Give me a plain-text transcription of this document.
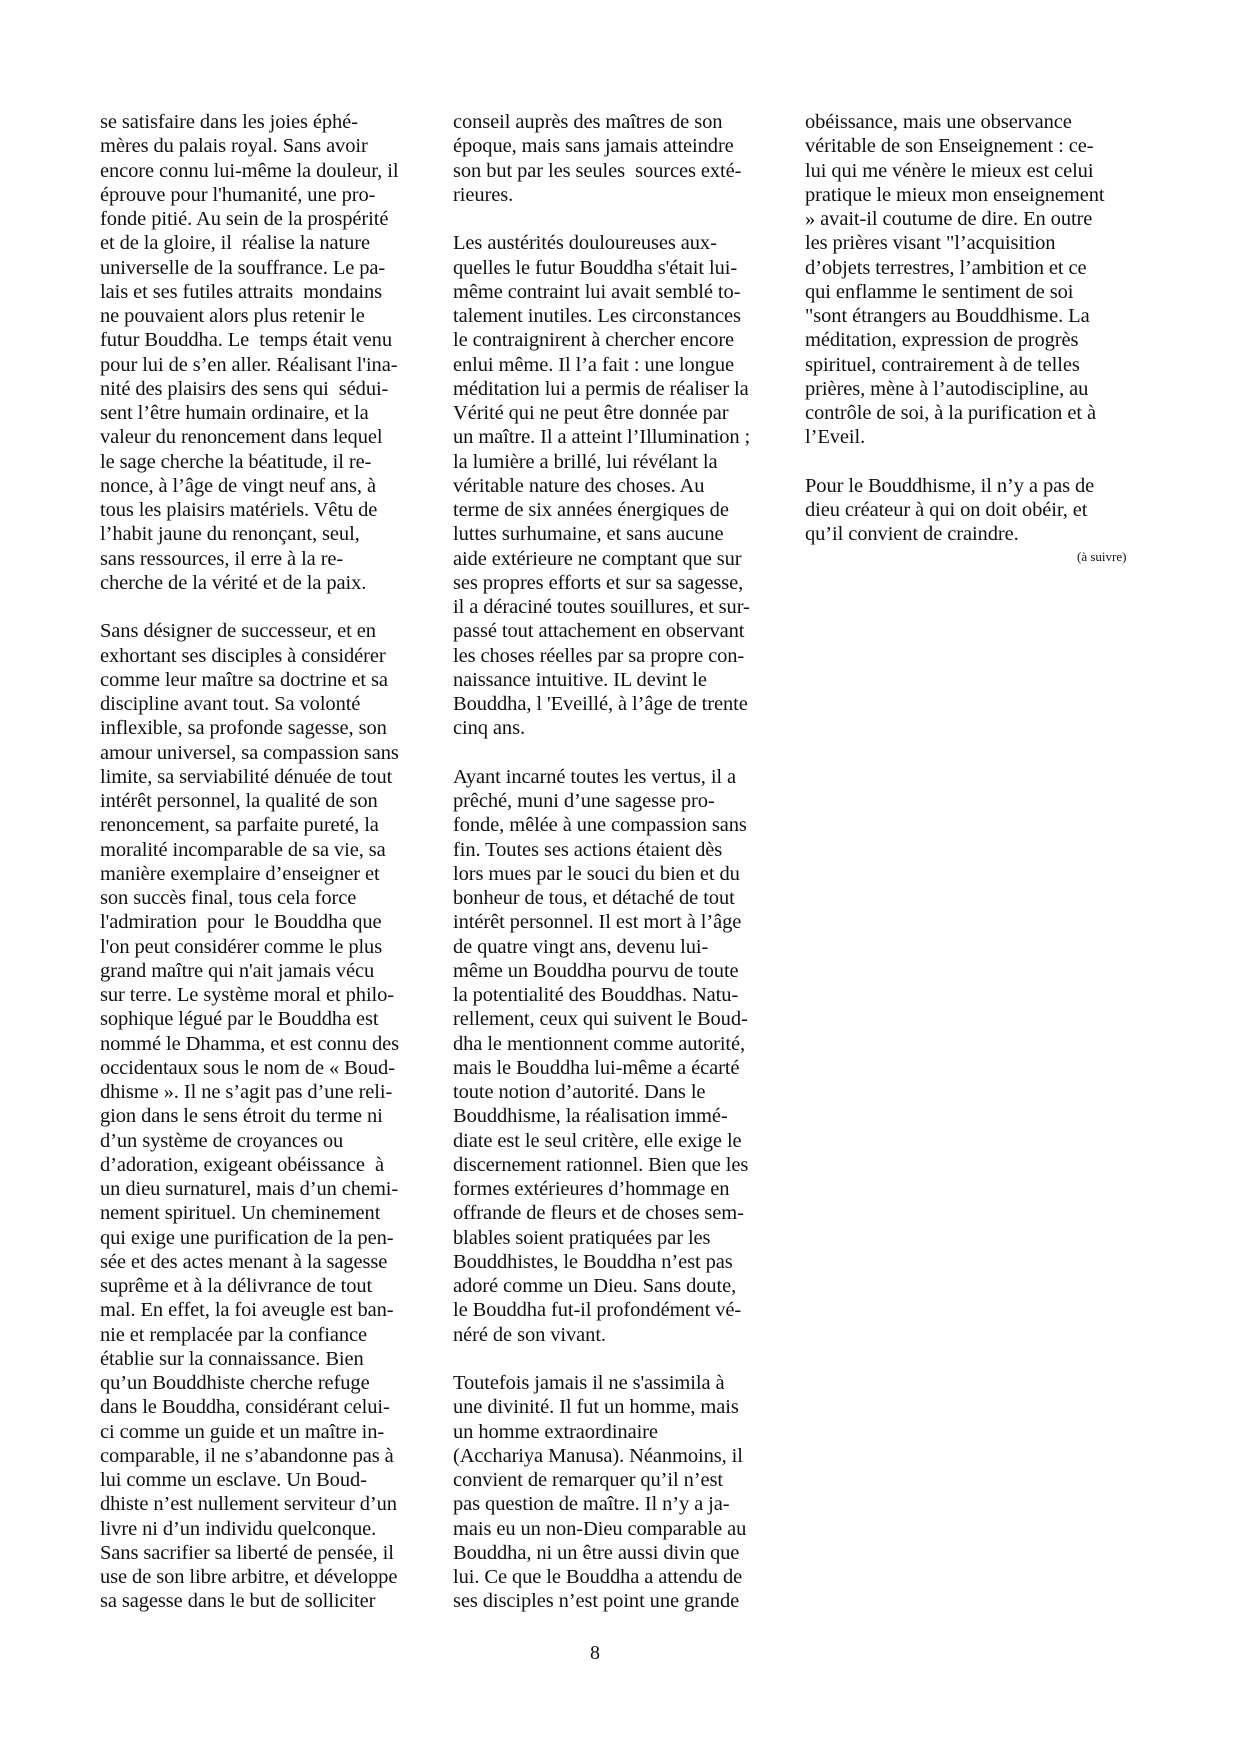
se satisfaire dans les joies éphé-
mères du palais royal. Sans avoir
encore connu lui-même la douleur, il
éprouve pour l'humanité, une pro-
fonde pitié. Au sein de la prospérité
et de la gloire, il  réalise la nature
universelle de la souffrance. Le pa-
lais et ses futiles attraits  mondains
ne pouvaient alors plus retenir le
futur Bouddha. Le  temps était venu
pour lui de s’en aller. Réalisant l'ina-
nité des plaisirs des sens qui  sédui-
sent l’être humain ordinaire, et la
valeur du renoncement dans lequel
le sage cherche la béatitude, il re-
nonce, à l’âge de vingt neuf ans, à
tous les plaisirs matériels. Vêtu de
l’habit jaune du renonçant, seul,
sans ressources, il erre à la re-
cherche de la vérité et de la paix.
Sans désigner de successeur, et en
exhortant ses disciples à considérer
comme leur maître sa doctrine et sa
discipline avant tout. Sa volonté
inflexible, sa profonde sagesse, son
amour universel, sa compassion sans
limite, sa serviabilité dénuée de tout
intérêt personnel, la qualité de son
renoncement, sa parfaite pureté, la
moralité incomparable de sa vie, sa
manière exemplaire d’enseigner et
son succès final, tous cela force
l'admiration  pour  le Bouddha que
l'on peut considérer comme le plus
grand maître qui n'ait jamais vécu
sur terre. Le système moral et philo-
sophique légué par le Bouddha est
nommé le Dhamma, et est connu des
occidentaux sous le nom de « Boud-
dhisme ». Il ne s’agit pas d’une reli-
gion dans le sens étroit du terme ni
d’un système de croyances ou
d’adoration, exigeant obéissance  à
un dieu surnaturel, mais d’un chemi-
nement spirituel. Un cheminement
qui exige une purification de la pen-
sée et des actes menant à la sagesse
suprême et à la délivrance de tout
mal. En effet, la foi aveugle est ban-
nie et remplacée par la confiance
établie sur la connaissance. Bien
qu’un Bouddhiste cherche refuge
dans le Bouddha, considérant celui-
ci comme un guide et un maître in-
comparable, il ne s’abandonne pas à
lui comme un esclave. Un Boud-
dhiste n’est nullement serviteur d’un
livre ni d’un individu quelconque.
Sans sacrifier sa liberté de pensée, il
use de son libre arbitre, et développe
sa sagesse dans le but de solliciter
conseil auprès des maîtres de son
époque, mais sans jamais atteindre
son but par les seules  sources exté-
rieures.
Les austérités douloureuses aux-
quelles le futur Bouddha s'était lui-
même contraint lui avait semblé to-
talement inutiles. Les circonstances
le contraignirent à chercher encore
enlui même. Il l’a fait : une longue
méditation lui a permis de réaliser la
Vérité qui ne peut être donnée par
un maître. Il a atteint l’Illumination ;
la lumière a brillé, lui révélant la
véritable nature des choses. Au
terme de six années énergiques de
luttes surhumaine, et sans aucune
aide extérieure ne comptant que sur
ses propres efforts et sur sa sagesse,
il a déraciné toutes souillures, et sur-
passé tout attachement en observant
les choses réelles par sa propre con-
naissance intuitive. IL devint le
Bouddha, l 'Eveillé, à l’âge de trente
cinq ans.
Ayant incarné toutes les vertus, il a
prêché, muni d’une sagesse pro-
fonde, mêlée à une compassion sans
fin. Toutes ses actions étaient dès
lors mues par le souci du bien et du
bonheur de tous, et détaché de tout
intérêt personnel. Il est mort à l’âge
de quatre vingt ans, devenu lui-
même un Bouddha pourvu de toute
la potentialité des Bouddhas. Natu-
rellement, ceux qui suivent le Boud-
dha le mentionnent comme autorité,
mais le Bouddha lui-même a écarté
toute notion d’autorité. Dans le
Bouddhisme, la réalisation immé-
diate est le seul critère, elle exige le
discernement rationnel. Bien que les
formes extérieures d’hommage en
offrande de fleurs et de choses sem-
blables soient pratiquées par les
Bouddhistes, le Bouddha n’est pas
adoré comme un Dieu. Sans doute,
le Bouddha fut-il profondément vé-
néré de son vivant.
Toutefois jamais il ne s'assimila à
une divinité. Il fut un homme, mais
un homme extraordinaire
(Acchariya Manusa). Néanmoins, il
convient de remarquer qu’il n’est
pas question de maître. Il n’y a ja-
mais eu un non-Dieu comparable au
Bouddha, ni un être aussi divin que
lui. Ce que le Bouddha a attendu de
ses disciples n’est point une grande
obéissance, mais une observance
véritable de son Enseignement : ce-
lui qui me vénère le mieux est celui
pratique le mieux mon enseignement
» avait-il coutume de dire. En outre
les prières visant "l’acquisition
d’objets terrestres, l’ambition et ce
qui enflamme le sentiment de soi
"sont étrangers au Bouddhisme. La
méditation, expression de progrès
spirituel, contrairement à de telles
prières, mène à l’autodiscipline, au
contrôle de soi, à la purification et à
l’Eveil.
Pour le Bouddhisme, il n’y a pas de
dieu créateur à qui on doit obéir, et
qu’il convient de craindre.
(à suivre)
8
